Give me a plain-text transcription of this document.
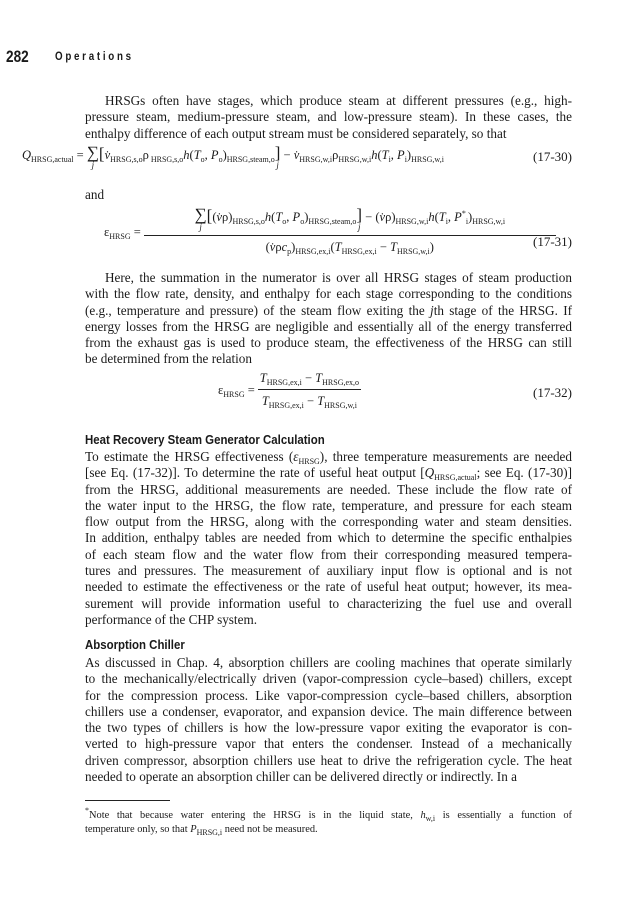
282 Operations
HRSGs often have stages, which produce steam at different pressures (e.g., high-
pressure steam, medium-pressure steam, and low-pressure steam). In these cases, the
enthalpy difference of each output stream must be considered separately, so that
$Q_{HRSG,actual}$ = ∑
j
[$v̇_{HRSG,s,o}\rho$ $_{HRSG,s,o}h(T_o$, $P_o)_{HRSG,steam,o}$ ]
j
− $v̇_{HRSG,w,i}\rho_{HRSG,w,i}h(T_i$, $P_i)_{HRSG,w,i}$	(17-30)
and
$\varepsilon_{HRSG}$ =
∑
j
[$(v̇\rho)_{HRSG,s,o}h(T_o$, $P_o)_{HRSG,steam,o}$ ]
j
− $(v̇\rho)_{HRSG,w,i}h(T_i$, $P^*_i)_{HRSG,w,i}$
$(v̇\rho c_p)_{HRSG,ex,i}(T_{HRSG,ex,i} - T_{HRSG,w,i})$	(17-31)
Here, the summation in the numerator is over all HRSG stages of steam production
with the flow rate, density, and enthalpy for each stage corresponding to the conditions
(e.g., temperature and pressure) of the steam flow exiting the jth stage of the HRSG. If
energy losses from the HRSG are negligible and essentially all of the energy transferred
from the exhaust gas is used to produce steam, the effectiveness of the HRSG can still
be determined from the relation
$\varepsilon_{HRSG} = \frac{T_{HRSG,ex,i} - T_{HRSG,ex,o}}{T_{HRSG,ex,i} - T_{HRSG,w,i}}$	(17-32)
Heat Recovery Steam Generator Calculation
To estimate the HRSG effectiveness $(\varepsilon_{HRSG})$, three temperature measurements are needed
[see Eq. (17-32)]. To determine the rate of useful heat output [$Q_{HRSG,actual}$; see Eq. (17-30)]
from the HRSG, additional measurements are needed. These include the flow rate of
the water input to the HRSG, the flow rate, temperature, and pressure for each steam
flow output from the HRSG, along with the corresponding water and steam densities.
In addition, enthalpy tables are needed from which to determine the specific enthalpies
of each steam flow and the water flow from their corresponding measured tempera-
tures and pressures. The measurement of auxiliary input flow is optional and is not
needed to estimate the effectiveness or the rate of useful heat output; however, its mea-
surement will provide information useful to characterizing the fuel use and overall
performance of the CHP system.
Absorption Chiller
As discussed in Chap. 4, absorption chillers are cooling machines that operate similarly
to the mechanically/electrically driven (vapor-compression cycle–based) chillers, except
for the compression process. Like vapor-compression cycle–based chillers, absorption
chillers use a condenser, evaporator, and expansion device. The main difference between
the two types of chillers is how the low-pressure vapor exiting the evaporator is con-
verted to high-pressure vapor that enters the condenser. Instead of a mechanically
driven compressor, absorption chillers use heat to drive the refrigeration cycle. The heat
needed to operate an absorption chiller can be delivered directly or indirectly. In a
*Note that because water entering the HRSG is in the liquid state, $h_{w,i}$ is essentially a function of
temperature only, so that $P_{HRSG,i}$ need not be measured.
